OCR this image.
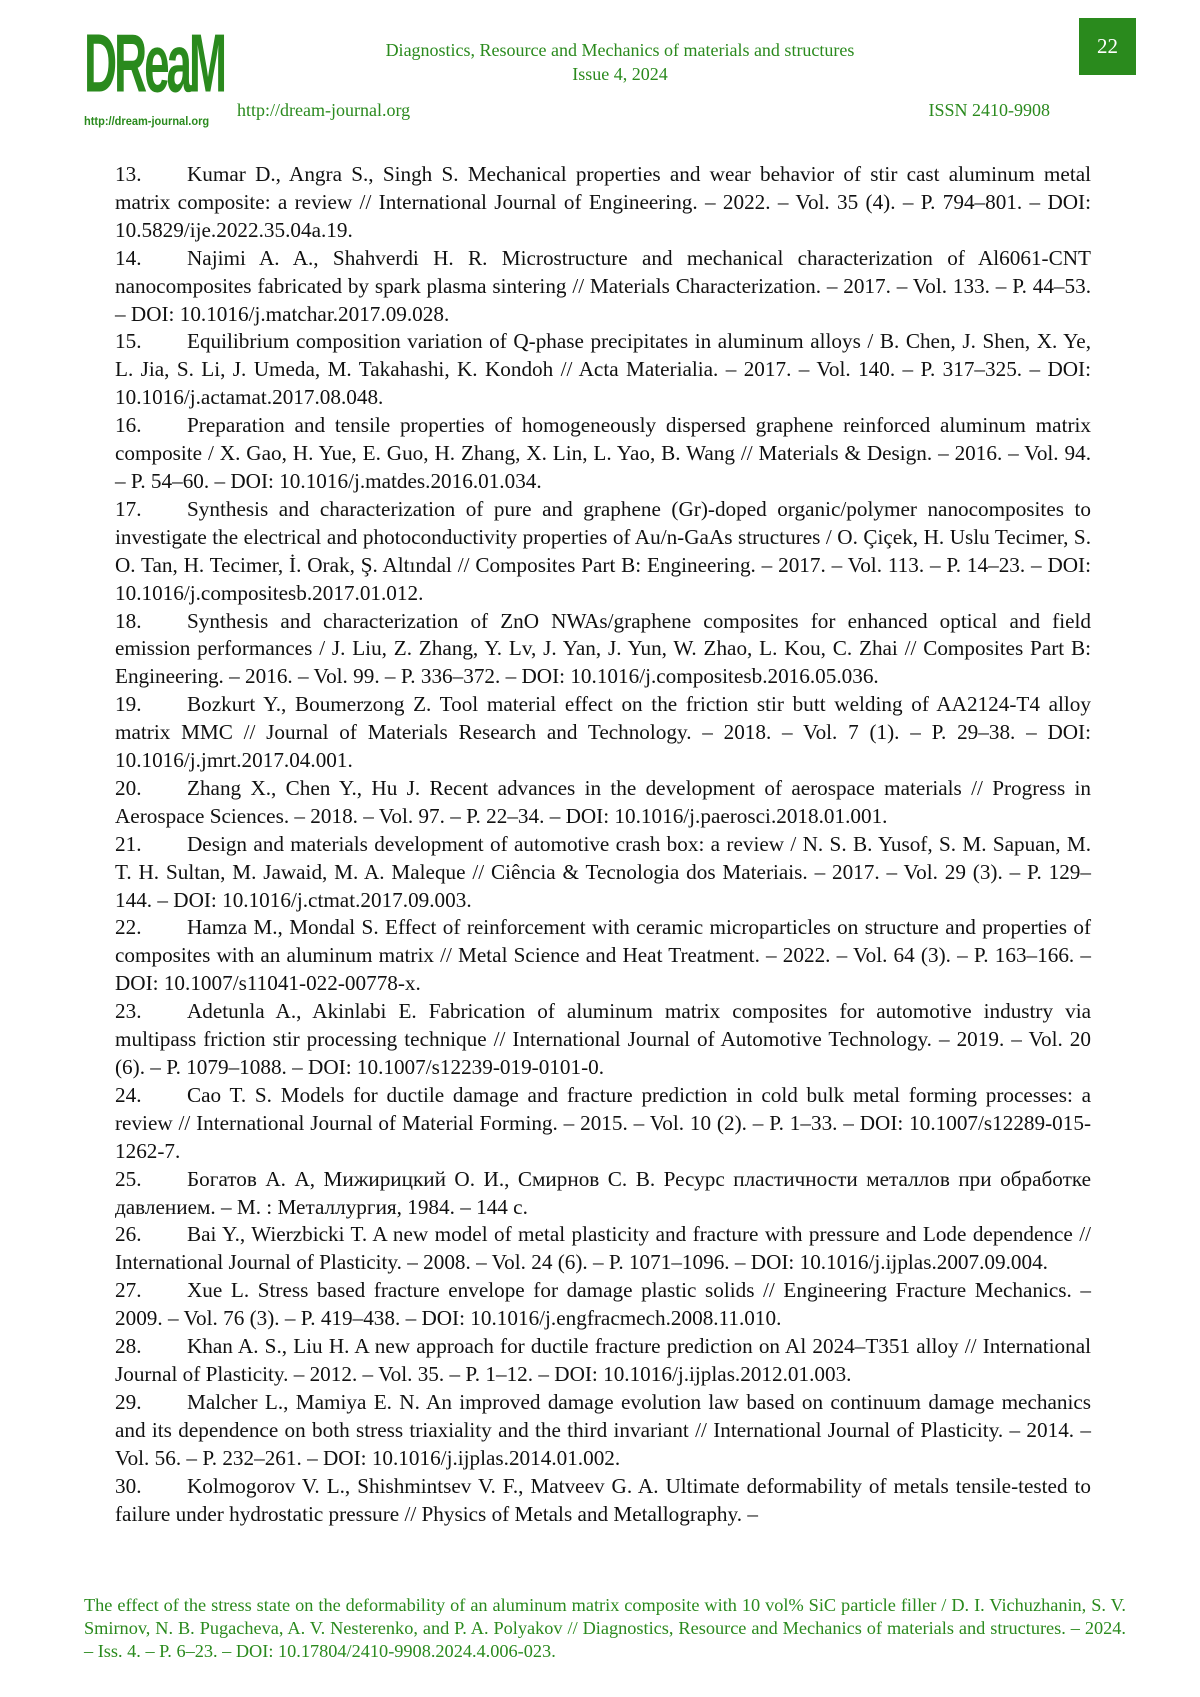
DReaM
http://dream-journal.org
Diagnostics, Resource and Mechanics of materials and structures
Issue 4, 2024
http://dream-journal.org	ISSN 2410-9908
22

13. Kumar D., Angra S., Singh S. Mechanical properties and wear behavior of stir cast aluminum metal matrix composite: a review // International Journal of Engineering. – 2022. – Vol. 35 (4). – P. 794–801. – DOI: 10.5829/ije.2022.35.04a.19.

14. Najimi A. A., Shahverdi H. R. Microstructure and mechanical characterization of Al6061-CNT nanocomposites fabricated by spark plasma sintering // Materials Characterization. – 2017. – Vol. 133. – P. 44–53. – DOI: 10.1016/j.matchar.2017.09.028.

15. Equilibrium composition variation of Q-phase precipitates in aluminum alloys / B. Chen, J. Shen, X. Ye, L. Jia, S. Li, J. Umeda, M. Takahashi, K. Kondoh // Acta Materialia. – 2017. – Vol. 140. – P. 317–325. – DOI: 10.1016/j.actamat.2017.08.048.

16. Preparation and tensile properties of homogeneously dispersed graphene reinforced aluminum matrix composite / X. Gao, H. Yue, E. Guo, H. Zhang, X. Lin, L. Yao, B. Wang // Materials & Design. – 2016. – Vol. 94. – P. 54–60. – DOI: 10.1016/j.matdes.2016.01.034.

17. Synthesis and characterization of pure and graphene (Gr)-doped organic/polymer nanocomposites to investigate the electrical and photoconductivity properties of Au/n-GaAs structures / O. Çiçek, H. Uslu Tecimer, S. O. Tan, H. Tecimer, İ. Orak, Ş. Altındal // Composites Part B: Engineering. – 2017. – Vol. 113. – P. 14–23. – DOI: 10.1016/j.compositesb.2017.01.012.

18. Synthesis and characterization of ZnO NWAs/graphene composites for enhanced optical and field emission performances / J. Liu, Z. Zhang, Y. Lv, J. Yan, J. Yun, W. Zhao, L. Kou, C. Zhai // Composites Part B: Engineering. – 2016. – Vol. 99. – P. 336–372. – DOI: 10.1016/j.compositesb.2016.05.036.

19. Bozkurt Y., Boumerzong Z. Tool material effect on the friction stir butt welding of AA2124-T4 alloy matrix MMC // Journal of Materials Research and Technology. – 2018. – Vol. 7 (1). – P. 29–38. – DOI: 10.1016/j.jmrt.2017.04.001.

20. Zhang X., Chen Y., Hu J. Recent advances in the development of aerospace materials // Progress in Aerospace Sciences. – 2018. – Vol. 97. – P. 22–34. – DOI: 10.1016/j.paerosci.2018.01.001.

21. Design and materials development of automotive crash box: a review / N. S. B. Yusof, S. M. Sapuan, M. T. H. Sultan, M. Jawaid, M. A. Maleque // Ciência & Tecnologia dos Materiais. – 2017. – Vol. 29 (3). – P. 129–144. – DOI: 10.1016/j.ctmat.2017.09.003.

22. Hamza M., Mondal S. Effect of reinforcement with ceramic microparticles on structure and properties of composites with an aluminum matrix // Metal Science and Heat Treatment. – 2022. – Vol. 64 (3). – P. 163–166. – DOI: 10.1007/s11041-022-00778-x.

23. Adetunla A., Akinlabi E. Fabrication of aluminum matrix composites for automotive industry via multipass friction stir processing technique // International Journal of Automotive Technology. – 2019. – Vol. 20 (6). – P. 1079–1088. – DOI: 10.1007/s12239-019-0101-0.

24. Cao T. S. Models for ductile damage and fracture prediction in cold bulk metal forming processes: a review // International Journal of Material Forming. – 2015. – Vol. 10 (2). – P. 1–33. – DOI: 10.1007/s12289-015-1262-7.

25. Богатов А. А, Мижирицкий О. И., Смирнов С. В. Ресурс пластичности металлов при обработке давлением. – М. : Металлургия, 1984. – 144 с.

26. Bai Y., Wierzbicki T. A new model of metal plasticity and fracture with pressure and Lode dependence // International Journal of Plasticity. – 2008. – Vol. 24 (6). – P. 1071–1096. – DOI: 10.1016/j.ijplas.2007.09.004.

27. Xue L. Stress based fracture envelope for damage plastic solids // Engineering Fracture Mechanics. – 2009. – Vol. 76 (3). – P. 419–438. – DOI: 10.1016/j.engfracmech.2008.11.010.

28. Khan A. S., Liu H. A new approach for ductile fracture prediction on Al 2024–T351 alloy // International Journal of Plasticity. – 2012. – Vol. 35. – P. 1–12. – DOI: 10.1016/j.ijplas.2012.01.003.

29. Malcher L., Mamiya E. N. An improved damage evolution law based on continuum damage mechanics and its dependence on both stress triaxiality and the third invariant // International Journal of Plasticity. – 2014. – Vol. 56. – P. 232–261. – DOI: 10.1016/j.ijplas.2014.01.002.

30. Kolmogorov V. L., Shishmintsev V. F., Matveev G. A. Ultimate deformability of metals tensile-tested to failure under hydrostatic pressure // Physics of Metals and Metallography. –

The effect of the stress state on the deformability of an aluminum matrix composite with 10 vol% SiC particle filler / D. I. Vichuzhanin, S. V. Smirnov, N. B. Pugacheva, A. V. Nesterenko, and P. A. Polyakov // Diagnostics, Resource and Mechanics of materials and structures. – 2024. – Iss. 4. – P. 6–23. – DOI: 10.17804/2410-9908.2024.4.006-023.
